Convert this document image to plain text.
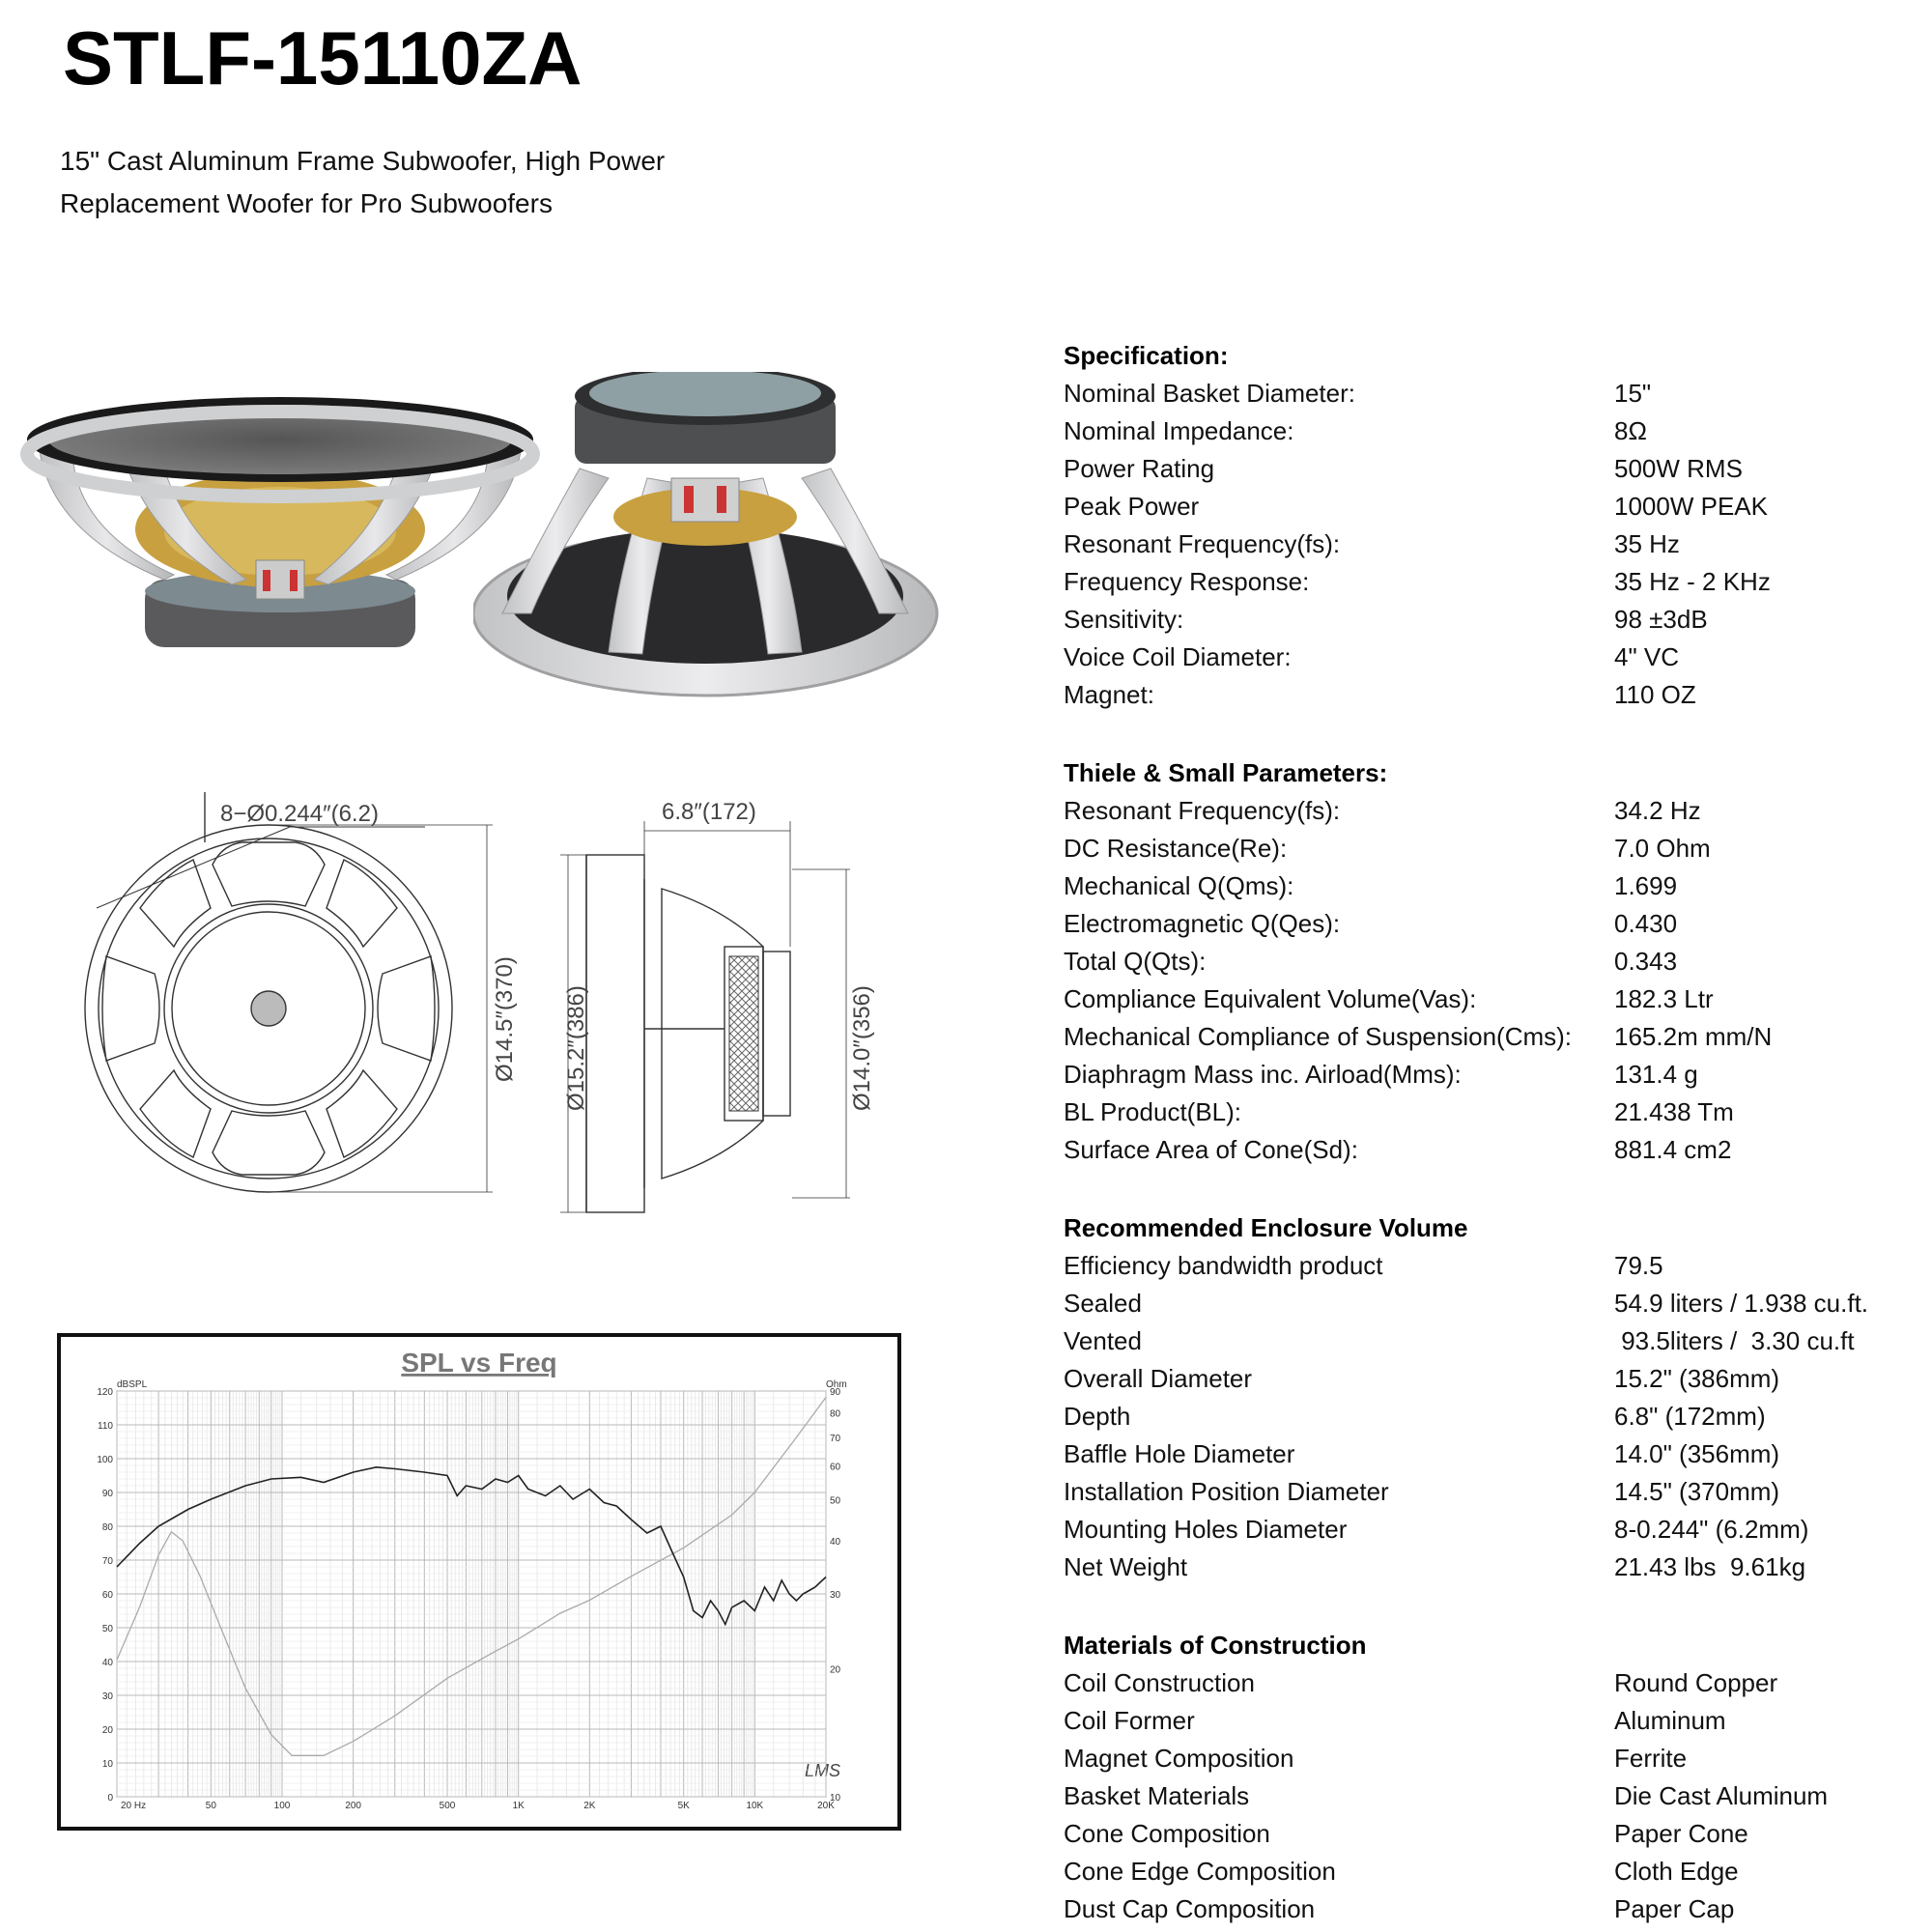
STLF-15110ZA
15" Cast Aluminum Frame Subwoofer, High Power
Replacement Woofer for Pro Subwoofers
8−Ø0.244″(6.2)
Ø14.5″(370)
6.8″(172)
Ø15.2″(386)	Ø14.0″(356)
SPL vs Freq
dBSPL	Ohm
LMS
20 Hz	50	100	200	500	1K	2K	5K	10K	20K
0
10
20
30
40
50
60
70
80
90
100
110
120
10
20
30
40
50
60
70
80
90
Specification:
Nominal Basket Diameter:	15"
Nominal Impedance:	8Ω
Power Rating	500W RMS
Peak Power	1000W PEAK
Resonant Frequency(fs):	35 Hz
Frequency Response:	35 Hz - 2 KHz
Sensitivity:	98 ±3dB
Voice Coil Diameter:	4" VC
Magnet:	110 OZ
Thiele & Small Parameters:
Resonant Frequency(fs):	34.2 Hz
DC Resistance(Re):	7.0 Ohm
Mechanical Q(Qms):	1.699
Electromagnetic Q(Qes):	0.430
Total Q(Qts):	0.343
Compliance Equivalent Volume(Vas):	182.3 Ltr
Mechanical Compliance of Suspension(Cms):	165.2m mm/N
Diaphragm Mass inc. Airload(Mms):	131.4 g
BL Product(BL):	21.438 Tm
Surface Area of Cone(Sd):	881.4 cm2
Recommended Enclosure Volume
Efficiency bandwidth product	79.5
Sealed	54.9 liters / 1.938 cu.ft.
Vented	93.5liters /  3.30 cu.ft
Overall Diameter	15.2" (386mm)
Depth	6.8" (172mm)
Baffle Hole Diameter	14.0" (356mm)
Installation Position Diameter	14.5" (370mm)
Mounting Holes Diameter	8-0.244" (6.2mm)
Net Weight	21.43 lbs  9.61kg
Materials of Construction
Coil Construction	Round Copper
Coil Former	Aluminum
Magnet Composition	Ferrite
Basket Materials	Die Cast Aluminum
Cone Composition	Paper Cone
Cone Edge Composition	Cloth Edge
Dust Cap Composition	Paper Cap
